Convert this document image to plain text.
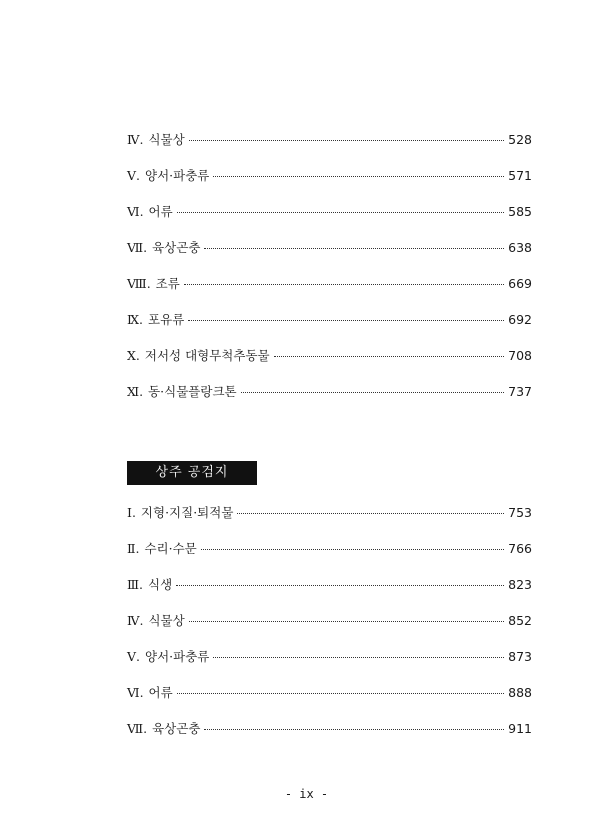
Ⅳ. 식물상	528
Ⅴ. 양서·파충류	571
Ⅵ. 어류	585
Ⅶ. 육상곤충	638
Ⅷ. 조류	669
Ⅸ. 포유류	692
Ⅹ. 저서성 대형무척추동물	708
Ⅺ. 동·식물플랑크톤	737
상주 공검지
Ⅰ. 지형·지질·퇴적물	753
Ⅱ. 수리·수문	766
Ⅲ. 식생	823
Ⅳ. 식물상	852
Ⅴ. 양서·파충류	873
Ⅵ. 어류	888
Ⅶ. 육상곤충	911
- ix -
